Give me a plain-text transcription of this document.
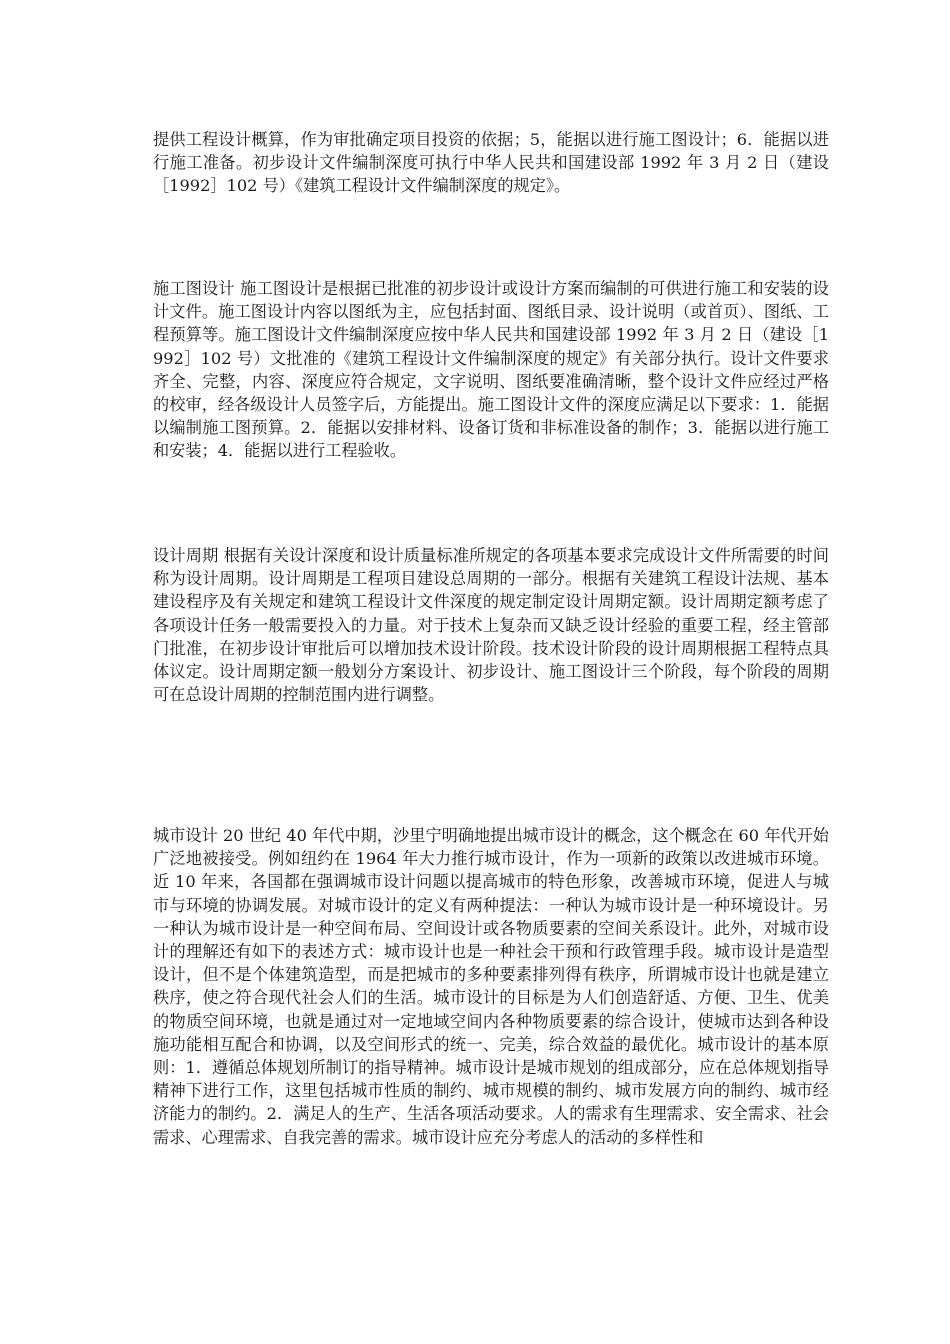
提供工程设计概算，作为审批确定项目投资的依据；5，能据以进行施工图设计；6．能据以进行施工准备。初步设计文件编制深度可执行中华人民共和国建设部 1992 年 3 月 2 日（建设［1992］102 号）《建筑工程设计文件编制深度的规定》。

施工图设计 施工图设计是根据已批准的初步设计或设计方案而编制的可供进行施工和安装的设计文件。施工图设计内容以图纸为主，应包括封面、图纸目录、设计说明（或首页）、图纸、工程预算等。施工图设计文件编制深度应按中华人民共和国建设部 1992 年 3 月 2 日（建设［1992］102 号）文批准的《建筑工程设计文件编制深度的规定》有关部分执行。设计文件要求齐全、完整，内容、深度应符合规定，文字说明、图纸要准确清晰，整个设计文件应经过严格的校审，经各级设计人员签字后，方能提出。施工图设计文件的深度应满足以下要求：1．能据以编制施工图预算。2．能据以安排材料、设备订货和非标准设备的制作；3．能据以进行施工和安装；4．能据以进行工程验收。

设计周期 根据有关设计深度和设计质量标准所规定的各项基本要求完成设计文件所需要的时间称为设计周期。设计周期是工程项目建设总周期的一部分。根据有关建筑工程设计法规、基本建设程序及有关规定和建筑工程设计文件深度的规定制定设计周期定额。设计周期定额考虑了各项设计任务一般需要投入的力量。对于技术上复杂而又缺乏设计经验的重要工程，经主管部门批准，在初步设计审批后可以增加技术设计阶段。技术设计阶段的设计周期根据工程特点具体议定。设计周期定额一般划分方案设计、初步设计、施工图设计三个阶段，每个阶段的周期可在总设计周期的控制范围内进行调整。

城市设计 20 世纪 40 年代中期，沙里宁明确地提出城市设计的概念，这个概念在 60 年代开始广泛地被接受。例如纽约在 1964 年大力推行城市设计，作为一项新的政策以改进城市环境。近 10 年来，各国都在强调城市设计问题以提高城市的特色形象，改善城市环境，促进人与城市与环境的协调发展。对城市设计的定义有两种提法：一种认为城市设计是一种环境设计。另一种认为城市设计是一种空间布局、空间设计或各物质要素的空间关系设计。此外，对城市设计的理解还有如下的表述方式：城市设计也是一种社会干预和行政管理手段。城市设计是造型设计，但不是个体建筑造型，而是把城市的多种要素排列得有秩序，所谓城市设计也就是建立秩序，使之符合现代社会人们的生活。城市设计的目标是为人们创造舒适、方便、卫生、优美的物质空间环境，也就是通过对一定地域空间内各种物质要素的综合设计，使城市达到各种设施功能相互配合和协调，以及空间形式的统一、完美，综合效益的最优化。城市设计的基本原则：1．遵循总体规划所制订的指导精神。城市设计是城市规划的组成部分，应在总体规划指导精神下进行工作，这里包括城市性质的制约、城市规模的制约、城市发展方向的制约、城市经济能力的制约。2．满足人的生产、生活各项活动要求。人的需求有生理需求、安全需求、社会需求、心理需求、自我完善的需求。城市设计应充分考虑人的活动的多样性和
